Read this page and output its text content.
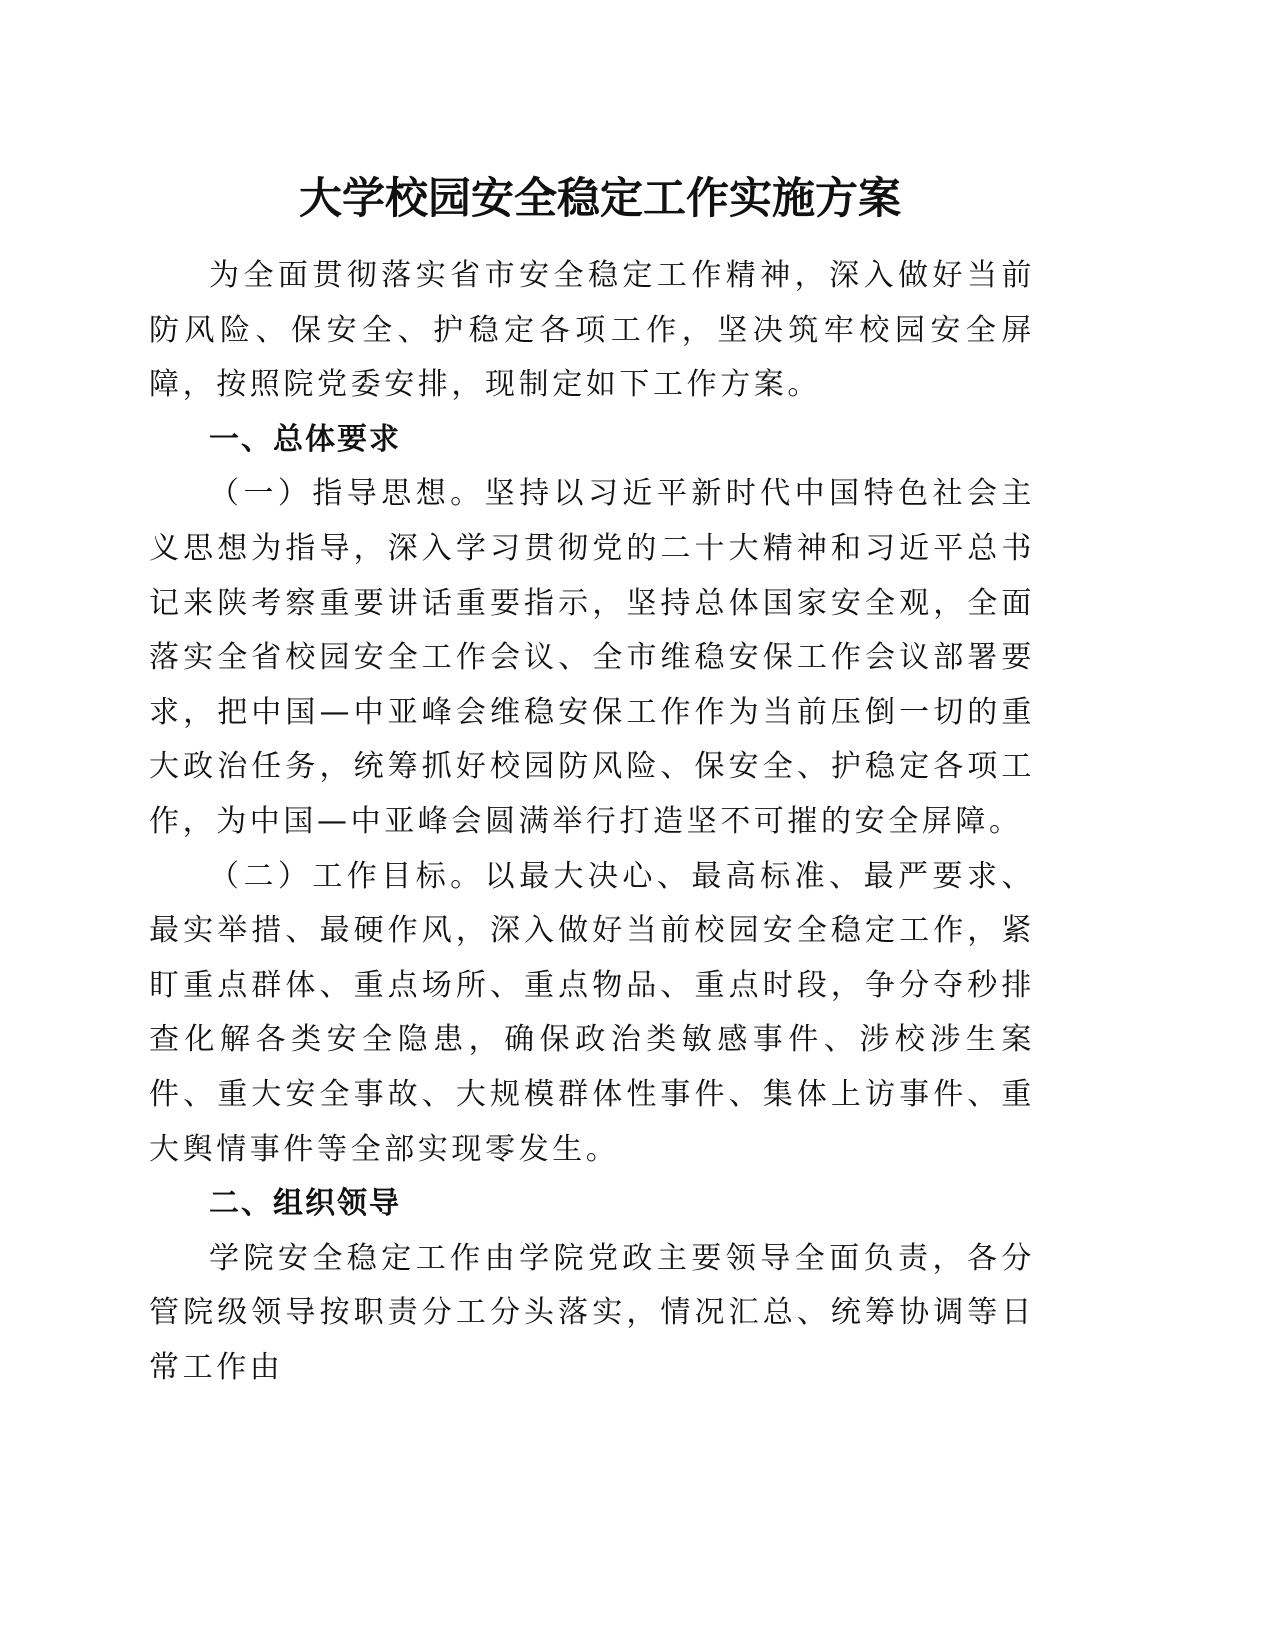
大学校园安全稳定工作实施方案

为全面贯彻落实省市安全稳定工作精神，深入做好当前防风险、保安全、护稳定各项工作，坚决筑牢校园安全屏障，按照院党委安排，现制定如下工作方案。

一、总体要求

（一）指导思想。坚持以习近平新时代中国特色社会主义思想为指导，深入学习贯彻党的二十大精神和习近平总书记来陕考察重要讲话重要指示，坚持总体国家安全观，全面落实全省校园安全工作会议、全市维稳安保工作会议部署要求，把中国—中亚峰会维稳安保工作作为当前压倒一切的重大政治任务，统筹抓好校园防风险、保安全、护稳定各项工作，为中国—中亚峰会圆满举行打造坚不可摧的安全屏障。

（二）工作目标。以最大决心、最高标准、最严要求、最实举措、最硬作风，深入做好当前校园安全稳定工作，紧盯重点群体、重点场所、重点物品、重点时段，争分夺秒排查化解各类安全隐患，确保政治类敏感事件、涉校涉生案件、重大安全事故、大规模群体性事件、集体上访事件、重大舆情事件等全部实现零发生。

二、组织领导

学院安全稳定工作由学院党政主要领导全面负责，各分管院级领导按职责分工分头落实，情况汇总、统筹协调等日常工作由
